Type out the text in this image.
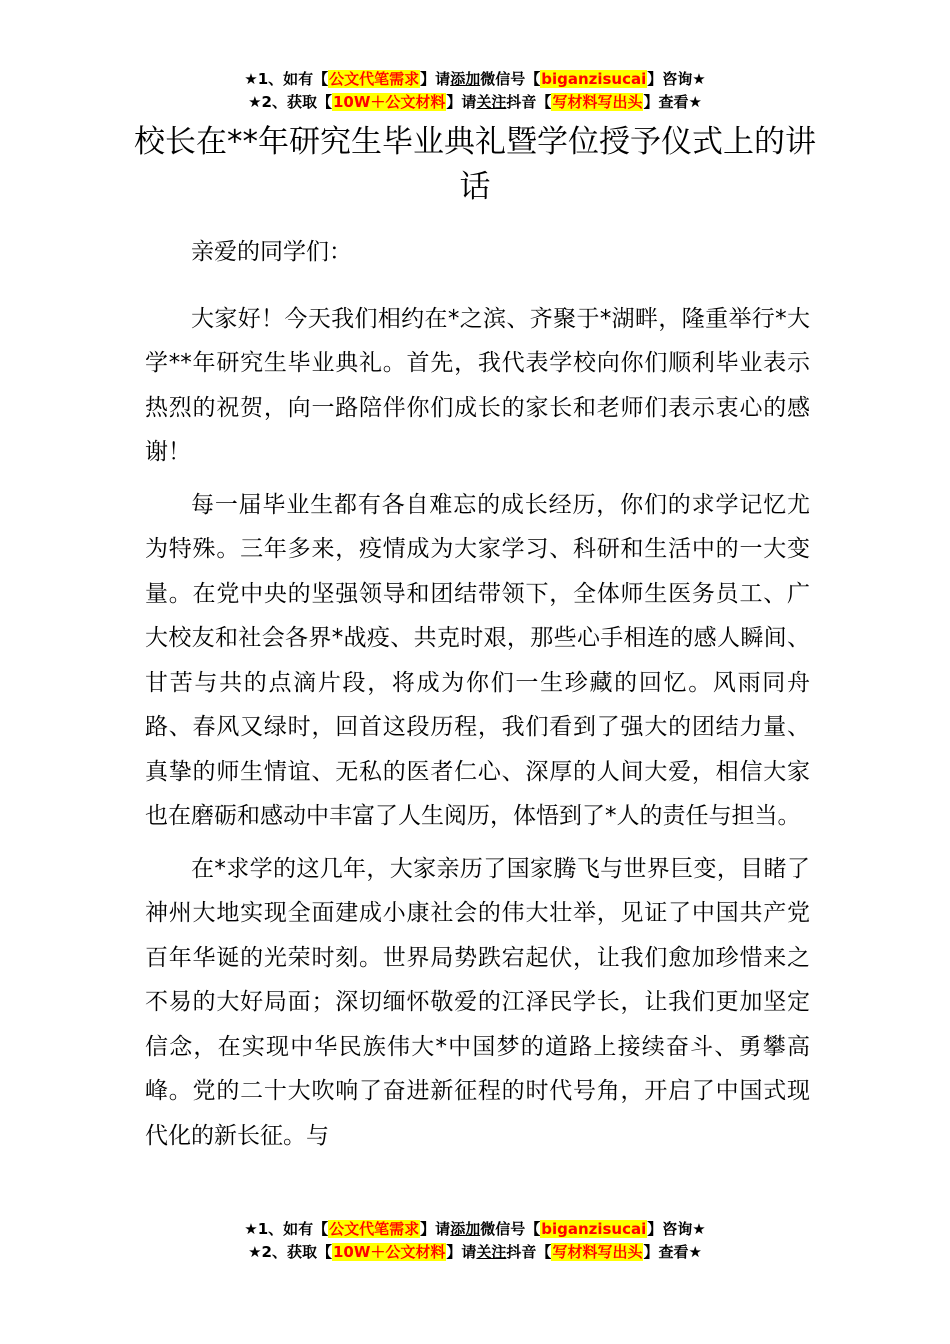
★1、如有【公文代笔需求】请添加微信号【biganzisucai】咨询★
★2、获取【10W＋公文材料】请关注抖音【写材料写出头】查看★
校长在**年研究生毕业典礼暨学位授予仪式上的讲话

亲爱的同学们：

大家好！今天我们相约在*之滨、齐聚于*湖畔，隆重举行*大学**年研究生毕业典礼。首先，我代表学校向你们顺利毕业表示热烈的祝贺，向一路陪伴你们成长的家长和老师们表示衷心的感谢！

每一届毕业生都有各自难忘的成长经历，你们的求学记忆尤为特殊。三年多来，疫情成为大家学习、科研和生活中的一大变量。在党中央的坚强领导和团结带领下，全体师生医务员工、广大校友和社会各界*战疫、共克时艰，那些心手相连的感人瞬间、甘苦与共的点滴片段，将成为你们一生珍藏的回忆。风雨同舟路、春风又绿时，回首这段历程，我们看到了强大的团结力量、真挚的师生情谊、无私的医者仁心、深厚的人间大爱，相信大家也在磨砺和感动中丰富了人生阅历，体悟到了*人的责任与担当。

在*求学的这几年，大家亲历了国家腾飞与世界巨变，目睹了神州大地实现全面建成小康社会的伟大壮举，见证了中国共产党百年华诞的光荣时刻。世界局势跌宕起伏，让我们愈加珍惜来之不易的大好局面；深切缅怀敬爱的江泽民学长，让我们更加坚定信念，在实现中华民族伟大*中国梦的道路上接续奋斗、勇攀高峰。党的二十大吹响了奋进新征程的时代号角，开启了中国式现代化的新长征。与

★1、如有【公文代笔需求】请添加微信号【biganzisucai】咨询★
★2、获取【10W＋公文材料】请关注抖音【写材料写出头】查看★
